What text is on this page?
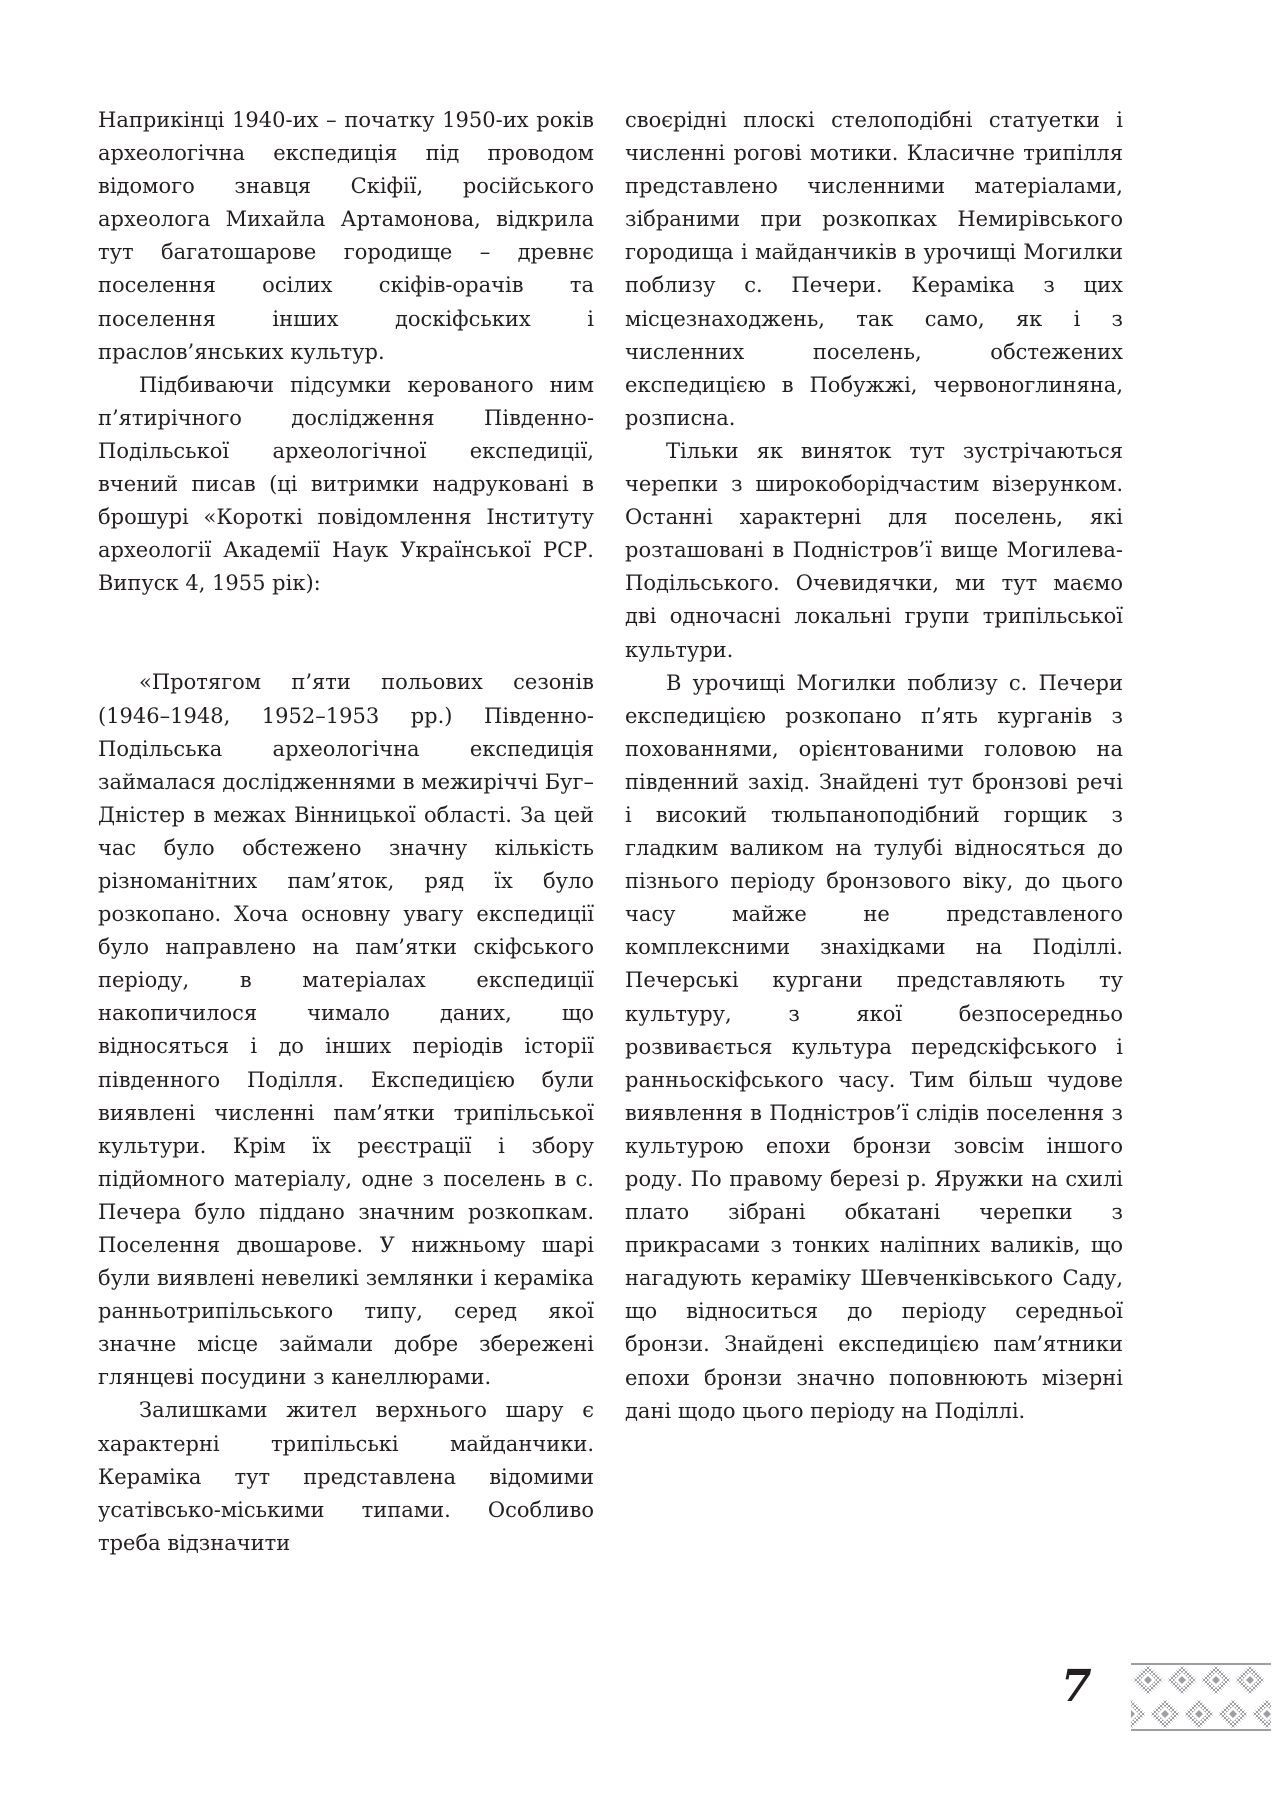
Наприкінці 1940-их – початку 1950-их років археологічна експедиція під проводом відомого знавця Скіфії, російського археолога Михайла Артамонова, відкрила тут багатошарове городище – древнє поселення осілих скіфів-орачів та поселення інших доскіфських і праслов’янських культур.

Підбиваючи підсумки керованого ним п’ятирічного дослідження Південно-Подільської археологічної експедиції, вчений писав (ці витримки надруковані в брошурі «Короткі повідомлення Інституту археології Академії Наук Української РСР. Випуск 4, 1955 рік):

«Протягом п’яти польових сезонів (1946–1948, 1952–1953 рр.) Південно-Подільська археологічна експедиція займалася дослідженнями в межиріччі Буг–Дністер в межах Вінницької області. За цей час було обстежено значну кількість різноманітних пам’яток, ряд їх було розкопано. Хоча основну увагу експедиції було направлено на пам’ятки скіфського періоду, в матеріалах експедиції накопичилося чимало даних, що відносяться і до інших періодів історії південного Поділля. Експедицією були виявлені численні пам’ятки трипільської культури. Крім їх реєстрації і збору підйомного матеріалу, одне з поселень в с. Печера було піддано значним розкопкам. Поселення двошарове. У нижньому шарі були виявлені невеликі землянки і кераміка ранньотрипільського типу, серед якої значне місце займали добре збережені глянцеві посудини з канеллюрами.

Залишками жител верхнього шару є характерні трипільські майданчики. Кераміка тут представлена відомими усатівсько-міськими типами. Особливо треба відзначити

своєрідні плоскі стелоподібні статуетки і численні рогові мотики. Класичне трипілля представлено численними матеріалами, зібраними при розкопках Немирівського городища і майданчиків в урочищі Могилки поблизу с. Печери. Кераміка з цих місцезнаходжень, так само, як і з численних поселень, обстежених експедицією в Побужжі, червоноглиняна, розписна.

Тільки як виняток тут зустрічаються черепки з широкобoрідчастим візерунком. Останні характерні для поселень, які розташовані в Подністров’ї вище Могилева-Подільського. Очевидячки, ми тут маємо дві одночасні локальні групи трипільської культури.

В урочищі Могилки поблизу с. Печери експедицією розкопано п’ять курганів з похованнями, орієнтованими головою на південний захід. Знайдені тут бронзові речі і високий тюльпаноподібний горщик з гладким валиком на тулубі відносяться до пізнього періоду бронзового віку, до цього часу майже не представленого комплексними знахідками на Поділлі. Печерські кургани представляють ту культуру, з якої безпосередньо розвивається культура передскіфського і ранньоскіфського часу. Тим більш чудове виявлення в Подністров’ї слідів поселення з культурою епохи бронзи зовсім іншого роду. По правому березі р. Яружки на схилі плато зібрані обкатані черепки з прикрасами з тонких наліпних валиків, що нагадують кераміку Шевченківського Саду, що відноситься до періоду середньої бронзи. Знайдені експедицією пам’ятники епохи бронзи значно поповнюють мізерні дані щодо цього періоду на Поділлі.

7
